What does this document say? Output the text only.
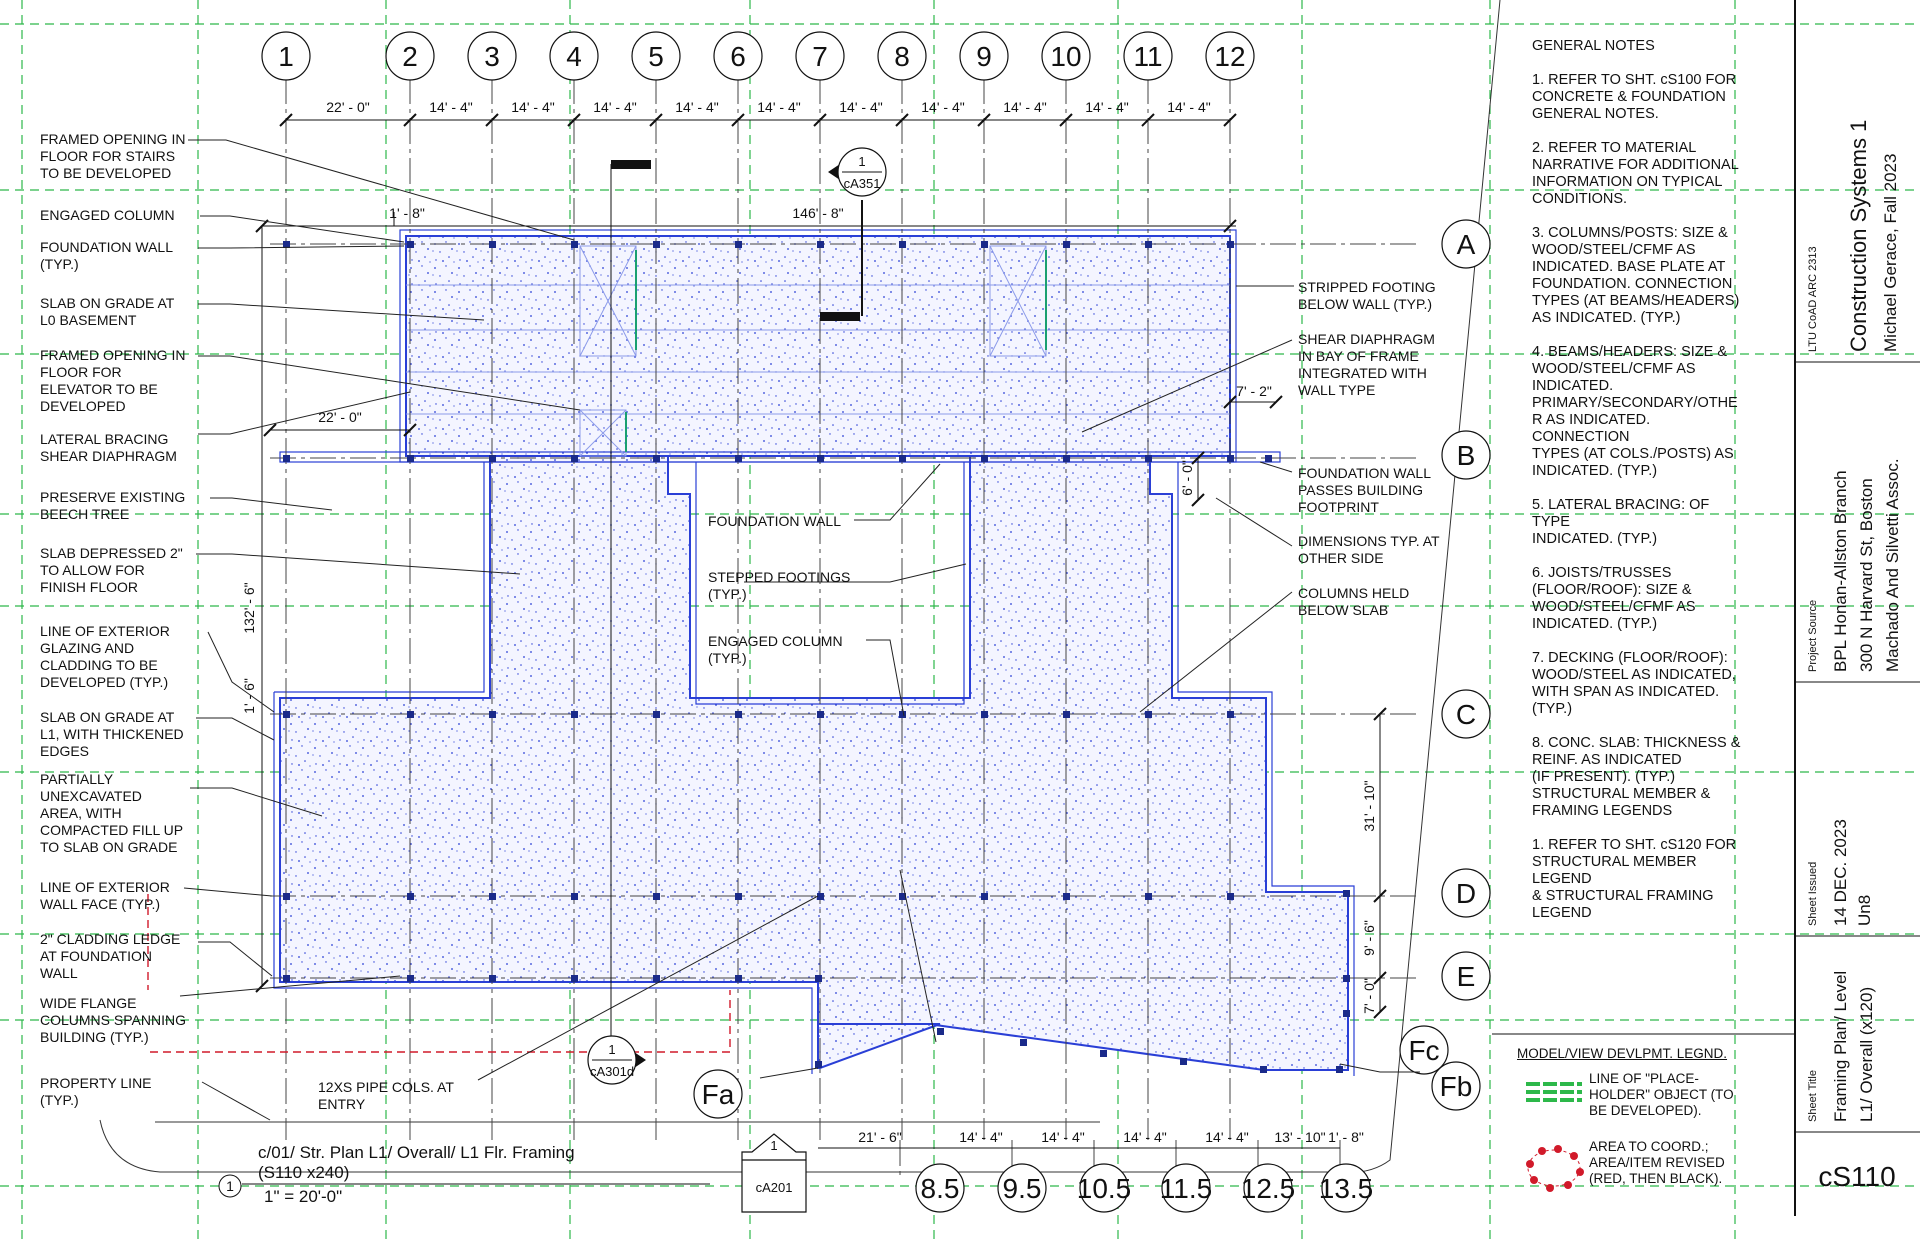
1	2 3 4 5 6 7 8 9 10 11 12
A
B
C
D
E
Fc
Fb
Fa
8.5 9.5 10.5 11.5 12.5 13.5
22' - 0"	14' - 4"	14' - 4"	14' - 4"	14' - 4"	14' - 4"	14' - 4"	14' - 4"	14' - 4"	14' - 4"	14' - 4"
146' - 8"
1' - 8"
22' - 0"
7' - 2"
21' - 6"	14' - 4"	14' - 4"	14' - 4"	14' - 4" 13' - 10" 1' - 8"
6' - 0"
132' - 6"
1' - 6"
31' - 10"
9' - 6"
7' - 0"
1
cA351
1
cA301d
1
cA201
c/01/ Str. Plan L1/ Overall/ L1 Flr. Framing
(S110 x240)
1
1" = 20'-0"
FRAMED OPENING IN FLOOR FOR STAIRS TO BE DEVELOPED
ENGAGED COLUMN
FOUNDATION WALL (TYP.)
SLAB ON GRADE AT L0 BASEMENT
FRAMED OPENING IN FLOOR FOR ELEVATOR TO BE DEVELOPED
LATERAL BRACING SHEAR DIAPHRAGM
PRESERVE EXISTING BEECH TREE
SLAB DEPRESSED 2" TO ALLOW FOR FINISH FLOOR
LINE OF EXTERIOR GLAZING AND CLADDING TO BE DEVELOPED (TYP.)
SLAB ON GRADE AT L1, WITH THICKENED EDGES
PARTIALLY UNEXCAVATED AREA, WITH COMPACTED FILL UP TO SLAB ON GRADE
LINE OF EXTERIOR WALL FACE (TYP.)
2" CLADDING LEDGE AT FOUNDATION WALL
WIDE FLANGE COLUMNS SPANNING BUILDING (TYP.)
PROPERTY LINE (TYP.)
FOUNDATION WALL
STEPPED FOOTINGS (TYP.)
ENGAGED COLUMN (TYP.)
12XS PIPE COLS. AT ENTRY
STRIPPED FOOTING BELOW WALL (TYP.)
SHEAR DIAPHRAGM IN BAY OF FRAME INTEGRATED WITH WALL TYPE
FOUNDATION WALL PASSES BUILDING FOOTPRINT
DIMENSIONS TYP. AT OTHER SIDE
COLUMNS HELD BELOW SLAB
LTU CoAD ARC 2313 Construction Systems 1 Michael Gerace, Fall 2023
Project Source BPL Honan-Allston Branch 300 N Harvard St, Boston Machado And Silvetti Assoc.
Sheet Issued 14 DEC. 2023 Un8
Sheet Title Framing Plan/ Level L1/ Overall (x120)
cS110
GENERAL NOTES
1. REFER TO SHT. cS100 FOR
CONCRETE & FOUNDATION
GENERAL NOTES.
2. REFER TO MATERIAL
NARRATIVE FOR ADDITIONAL
INFORMATION ON TYPICAL
CONDITIONS.
3. COLUMNS/POSTS: SIZE &
WOOD/STEEL/CFMF AS
INDICATED. BASE PLATE AT
FOUNDATION. CONNECTION
TYPES (AT BEAMS/HEADERS)
AS INDICATED. (TYP.)
4. BEAMS/HEADERS: SIZE &
WOOD/STEEL/CFMF AS
INDICATED.
PRIMARY/SECONDARY/OTHE
R AS INDICATED.
CONNECTION
TYPES (AT COLS./POSTS) AS
INDICATED. (TYP.)
5. LATERAL BRACING: OF
TYPE
INDICATED. (TYP.)
6. JOISTS/TRUSSES
(FLOOR/ROOF): SIZE &
WOOD/STEEL/CFMF AS
INDICATED. (TYP.)
7. DECKING (FLOOR/ROOF):
WOOD/STEEL AS INDICATED,
WITH SPAN AS INDICATED.
(TYP.)
8. CONC. SLAB: THICKNESS &
REINF. AS INDICATED
(IF PRESENT). (TYP.)
STRUCTURAL MEMBER &
FRAMING LEGENDS
1. REFER TO SHT. cS120 FOR
STRUCTURAL MEMBER
LEGEND
& STRUCTURAL FRAMING
LEGEND
MODEL/VIEW DEVLPMT. LEGND.
LINE OF "PLACE-
HOLDER" OBJECT (TO
BE DEVELOPED).
AREA TO COORD.;
AREA/ITEM REVISED
(RED, THEN BLACK).
